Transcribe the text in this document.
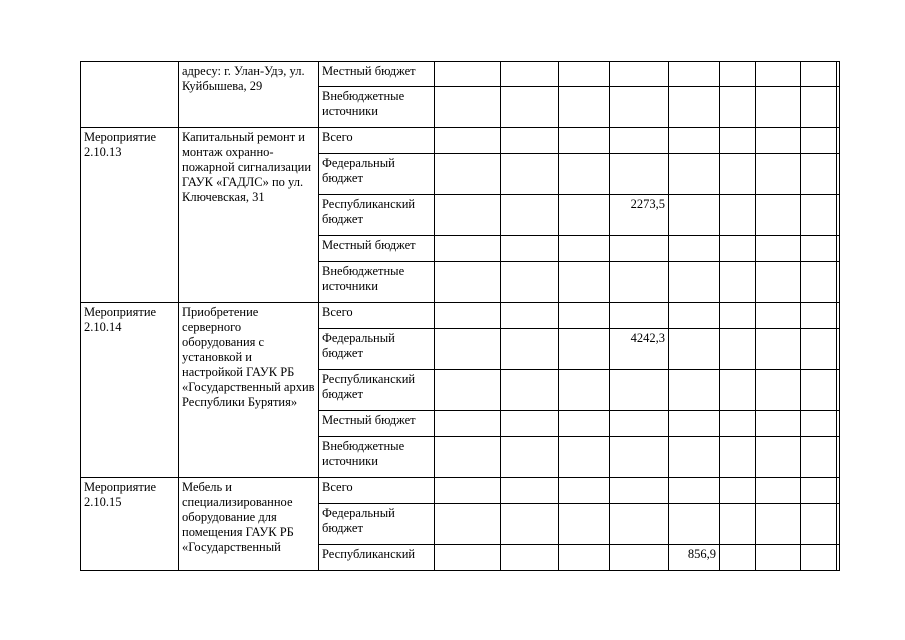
	адресу: г. Улан-Удэ, ул. Куйбышева, 29	Местный бюджет									
		Внебюджетные источники									
Мероприятие 2.10.13	Капитальный ремонт и монтаж охранно-пожарной сигнализации ГАУК «ГАДЛС» по ул. Ключевская, 31	Всего									
		Федеральный бюджет									
		Республиканский бюджет				2273,5					
		Местный бюджет									
		Внебюджетные источники									
Мероприятие 2.10.14	Приобретение серверного оборудования с установкой и настройкой ГАУК РБ «Государственный архив Республики Бурятия»	Всего									
		Федеральный бюджет				4242,3					
		Республиканский бюджет									
		Местный бюджет									
		Внебюджетные источники									
Мероприятие 2.10.15	Мебель и специализированное оборудование для помещения ГАУК РБ «Государственный	Всего									
		Федеральный бюджет									
		Республиканский					856,9				
